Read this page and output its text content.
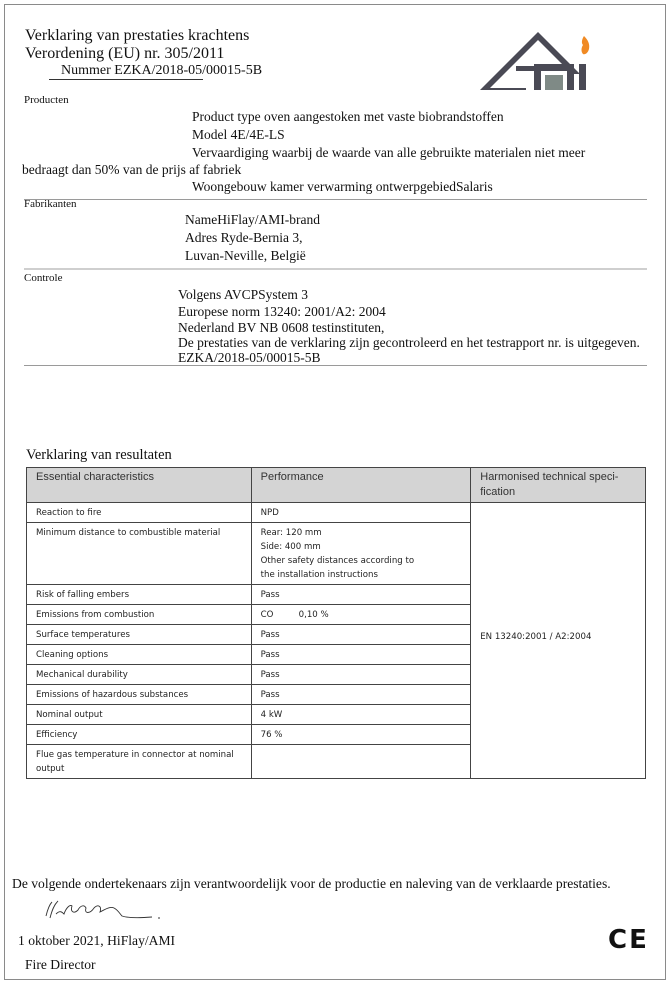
Verklaring van prestaties krachtens
Verordening (EU) nr. 305/2011
Nummer EZKA/2018-05/00015-5B
Producten
Product type oven aangestoken met vaste biobrandstoffen
Model 4E/4E-LS
Vervaardiging waarbij de waarde van alle gebruikte materialen niet meer
bedraagt dan 50% van de prijs af fabriek
Woongebouw kamer verwarming ontwerpgebiedSalaris
Fabrikanten
NameHiFlay/AMI-brand
Adres Ryde-Bernia 3,
Luvan-Neville, België
Controle
Volgens AVCPSystem 3
Europese norm 13240: 2001/A2: 2004
Nederland BV NB 0608 testinstituten,
De prestaties van de verklaring zijn gecontroleerd en het testrapport nr. is uitgegeven.
EZKA/2018-05/00015-5B
Verklaring van resultaten
Essential characteristics	Performance	Harmonised technical speci-
fication

Reaction to fire	NPD	EN 13240:2001 / A2:2004

Minimum distance to combustible material	Rear: 120 mm
Side: 400 mm
Other safety distances according to
the installation instructions	

Risk of falling embers	Pass	
Emissions from combustion	CO 0,10 %	
Surface temperatures	Pass	
Cleaning options	Pass	
Mechanical durability	Pass	
Emissions of hazardous substances	Pass	
Nominal output	4 kW	
Efficiency	76 %	

Flue gas temperature in connector at nominal
output		

De volgende ondertekenaars zijn verantwoordelijk voor de productie en naleving van de verklaarde prestaties.
1 oktober 2021, HiFlay/AMI
Fire Director
CE
